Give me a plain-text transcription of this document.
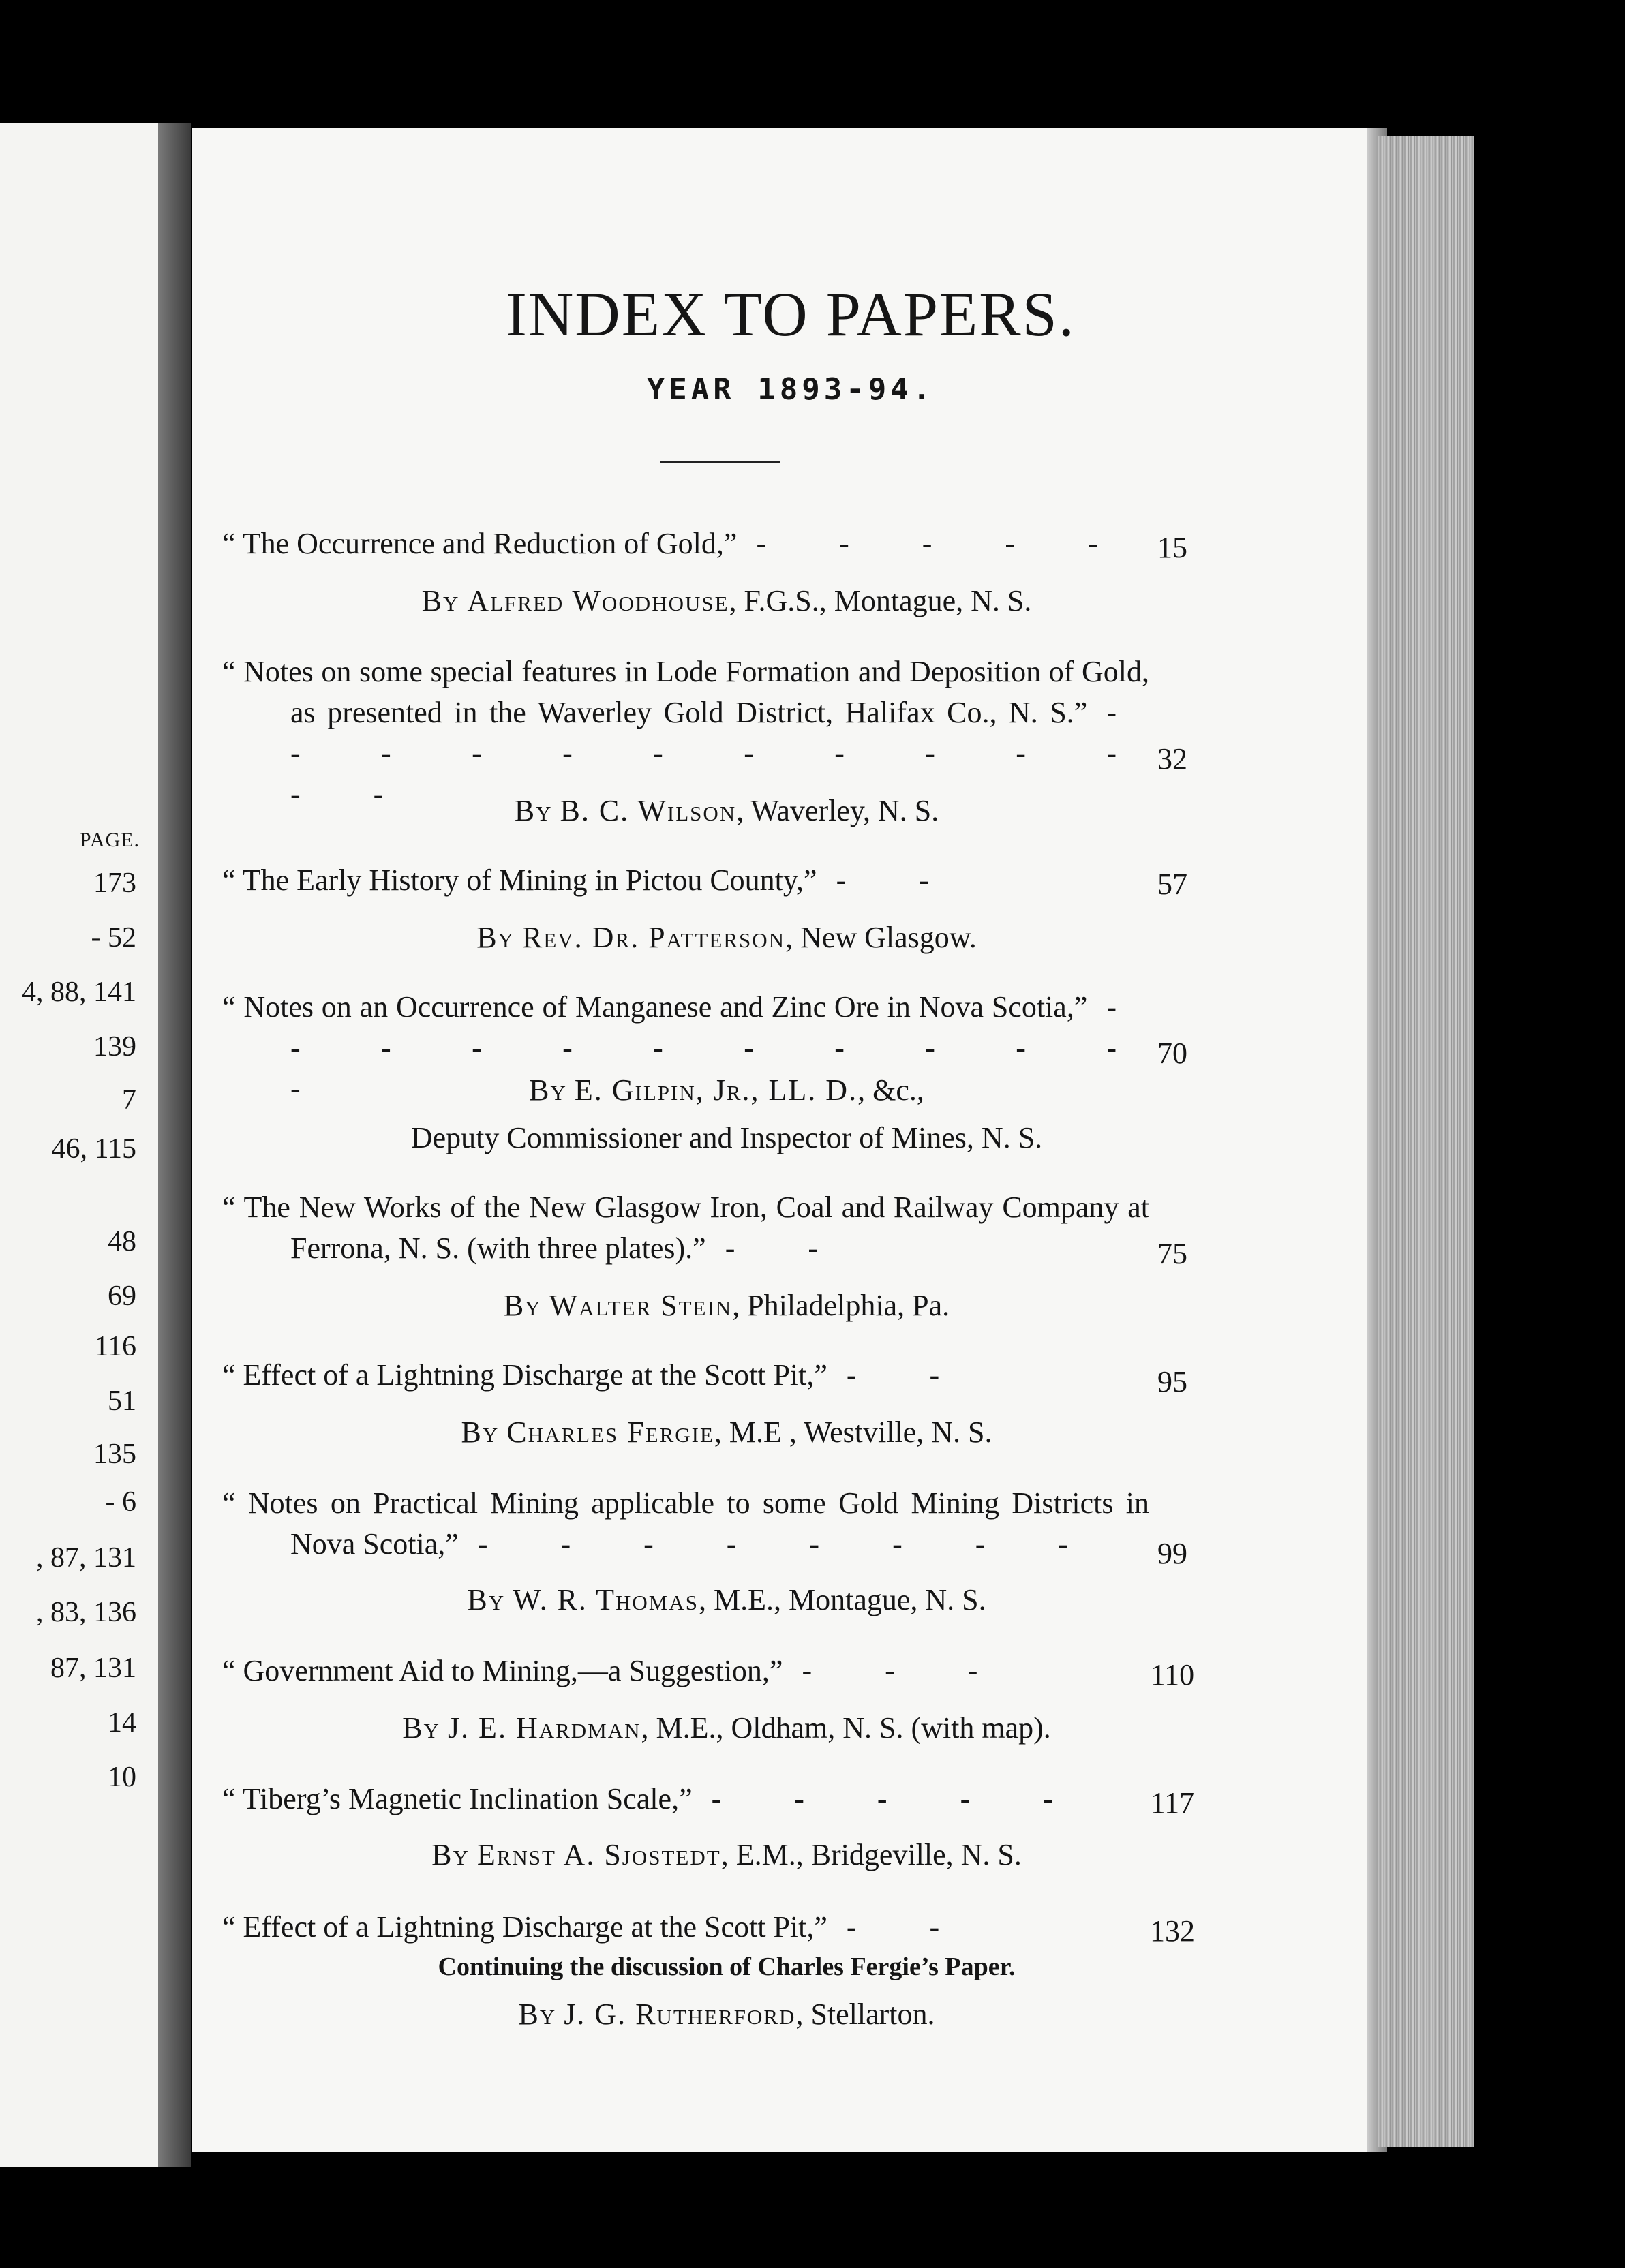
PAGE.
173
- 52
4, 88, 141
139
7
46, 115
48
69
116
51
135
- 6
, 87, 131
, 83, 136
87, 131
14
10
INDEX TO PAPERS.
YEAR 1893-94.
“ The Occurrence and Reduction of Gold,” - - - - - 15
By Alfred Woodhouse, F.G.S., Montague, N. S.
“ Notes on some special features in Lode Formation and Deposition of Gold, as presented in the Waverley Gold District, Halifax Co., N. S.” - - - - - - - - - - - - -
32
By B. C. Wilson, Waverley, N. S.
“ The Early History of Mining in Pictou County,” - -	57
By Rev. Dr. Patterson, New Glasgow.
“ Notes on an Occurrence of Manganese and Zinc Ore in Nova Scotia,” - - - - - - - - - - - -
70
By E. Gilpin, Jr., LL. D., &c.,
Deputy Commissioner and Inspector of Mines, N. S.
“ The New Works of the New Glasgow Iron, Coal and Railway Company at Ferrona, N. S. (with three plates).” - -	75
By Walter Stein, Philadelphia, Pa.
“ Effect of a Lightning Discharge at the Scott Pit,” - -	95
By Charles Fergie, M.E , Westville, N. S.
“ Notes on Practical Mining applicable to some Gold Mining Districts in Nova Scotia,” - - - - - - - -	99
By W. R. Thomas, M.E., Montague, N. S.
“ Government Aid to Mining,—a Suggestion,” - - -	110
By J. E. Hardman, M.E., Oldham, N. S. (with map).
“ Tiberg’s Magnetic Inclination Scale,” - - - - -	117
By Ernst A. Sjostedt, E.M., Bridgeville, N. S.
“ Effect of a Lightning Discharge at the Scott Pit,” - -	132
Continuing the discussion of Charles Fergie’s Paper.
By J. G. Rutherford, Stellarton.
